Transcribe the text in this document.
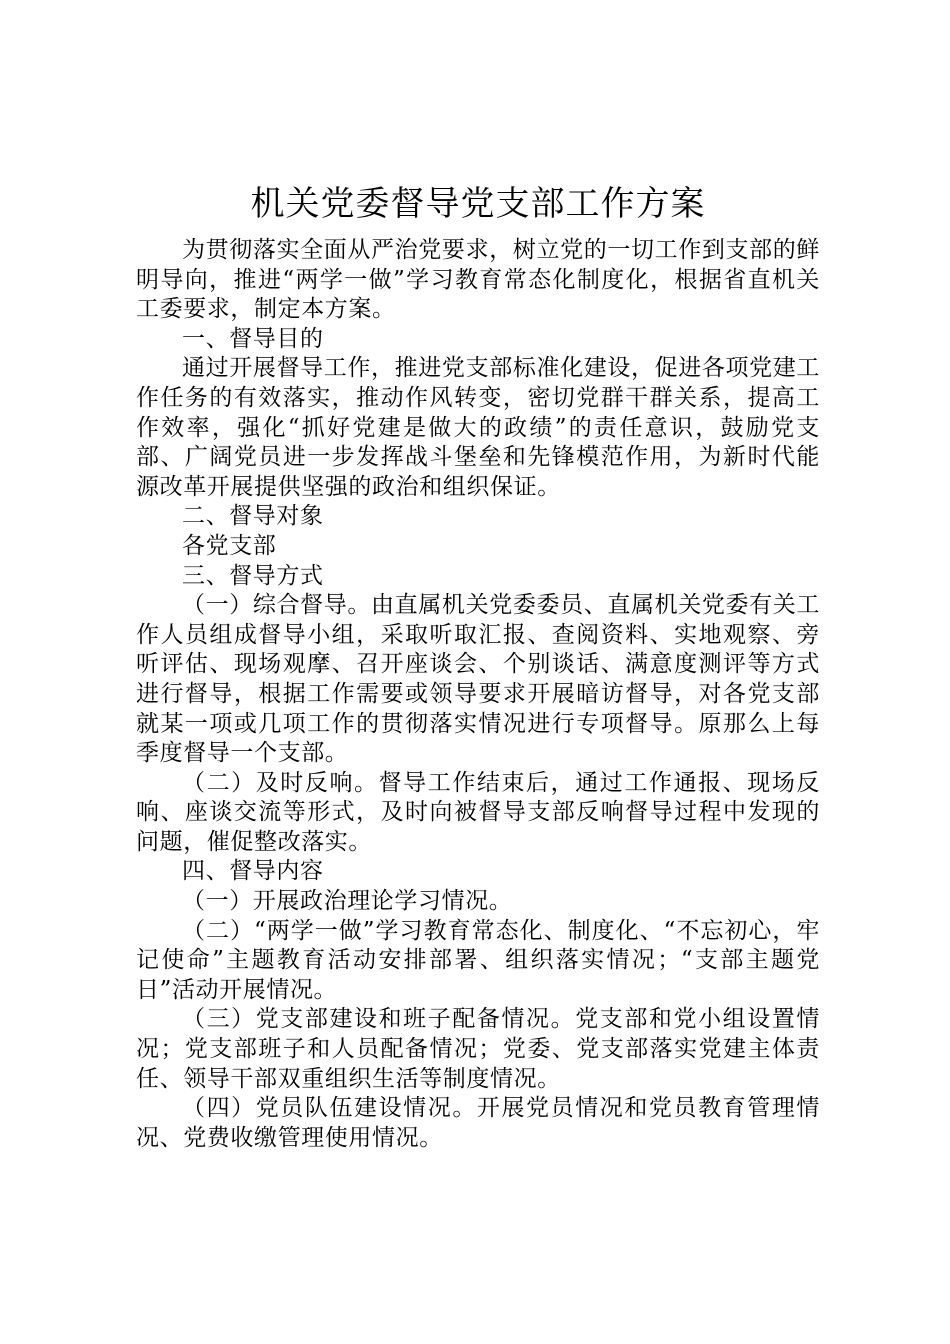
机关党委督导党支部工作方案

为贯彻落实全面从严治党要求，树立党的一切工作到支部的鲜明导向，推进“两学一做”学习教育常态化制度化，根据省直机关工委要求，制定本方案。

一、督导目的

通过开展督导工作，推进党支部标准化建设，促进各项党建工作任务的有效落实，推动作风转变，密切党群干群关系，提高工作效率，强化“抓好党建是做大的政绩”的责任意识，鼓励党支部、广阔党员进一步发挥战斗堡垒和先锋模范作用，为新时代能源改革开展提供坚强的政治和组织保证。

二、督导对象

各党支部

三、督导方式

（一）综合督导。由直属机关党委委员、直属机关党委有关工作人员组成督导小组，采取听取汇报、查阅资料、实地观察、旁听评估、现场观摩、召开座谈会、个别谈话、满意度测评等方式进行督导，根据工作需要或领导要求开展暗访督导，对各党支部就某一项或几项工作的贯彻落实情况进行专项督导。原那么上每季度督导一个支部。

（二）及时反响。督导工作结束后，通过工作通报、现场反响、座谈交流等形式，及时向被督导支部反响督导过程中发现的问题，催促整改落实。

四、督导内容

（一）开展政治理论学习情况。

（二）“两学一做”学习教育常态化、制度化、“不忘初心，牢记使命”主题教育活动安排部署、组织落实情况；“支部主题党日”活动开展情况。

（三）党支部建设和班子配备情况。党支部和党小组设置情况；党支部班子和人员配备情况；党委、党支部落实党建主体责任、领导干部双重组织生活等制度情况。

（四）党员队伍建设情况。开展党员情况和党员教育管理情况、党费收缴管理使用情况。
